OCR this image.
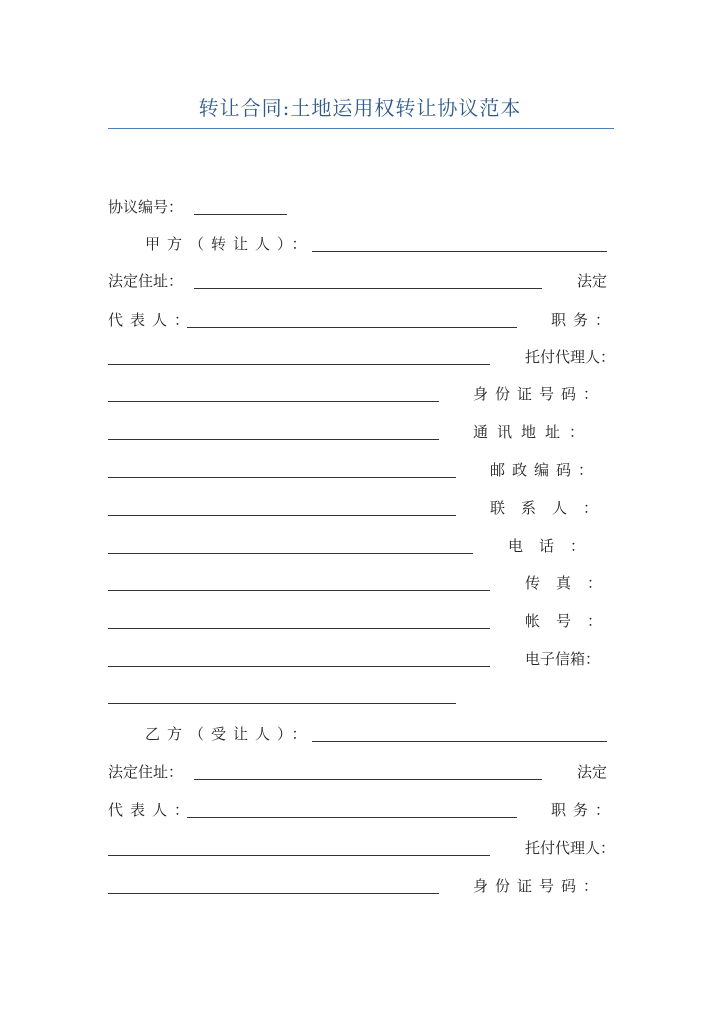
转让合同:土地运用权转让协议范本
协议编号：
甲方（转让人）：
法定住址：	法定
代表人：	职务：
托付代理人：
身份证号码：
通讯地址：
邮政编码：
联系人：
电话：
传真：
帐号：
电子信箱：
乙方（受让人）：
法定住址：	法定
代表人：	职务：
托付代理人：
身份证号码：
